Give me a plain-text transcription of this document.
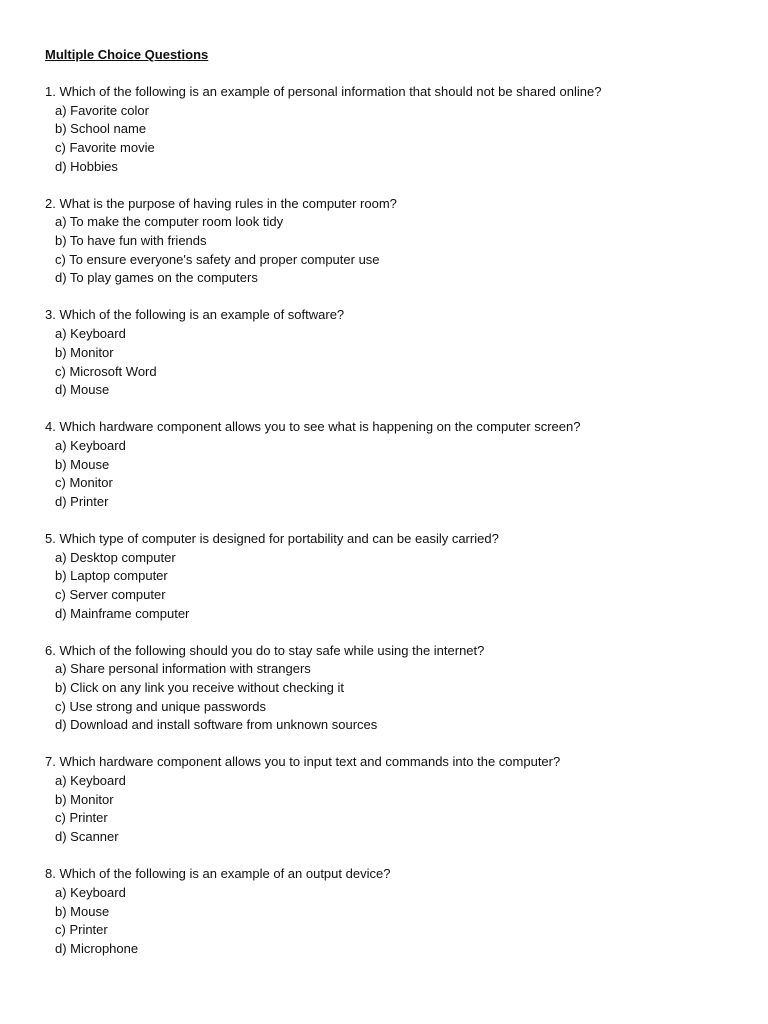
Multiple Choice Questions
1. Which of the following is an example of personal information that should not be shared online?
a) Favorite color
b) School name
c) Favorite movie
d) Hobbies
2. What is the purpose of having rules in the computer room?
a) To make the computer room look tidy
b) To have fun with friends
c) To ensure everyone's safety and proper computer use
d) To play games on the computers
3. Which of the following is an example of software?
a) Keyboard
b) Monitor
c) Microsoft Word
d) Mouse
4. Which hardware component allows you to see what is happening on the computer screen?
a) Keyboard
b) Mouse
c) Monitor
d) Printer
5. Which type of computer is designed for portability and can be easily carried?
a) Desktop computer
b) Laptop computer
c) Server computer
d) Mainframe computer
6. Which of the following should you do to stay safe while using the internet?
a) Share personal information with strangers
b) Click on any link you receive without checking it
c) Use strong and unique passwords
d) Download and install software from unknown sources
7. Which hardware component allows you to input text and commands into the computer?
a) Keyboard
b) Monitor
c) Printer
d) Scanner
8. Which of the following is an example of an output device?
a) Keyboard
b) Mouse
c) Printer
d) Microphone
